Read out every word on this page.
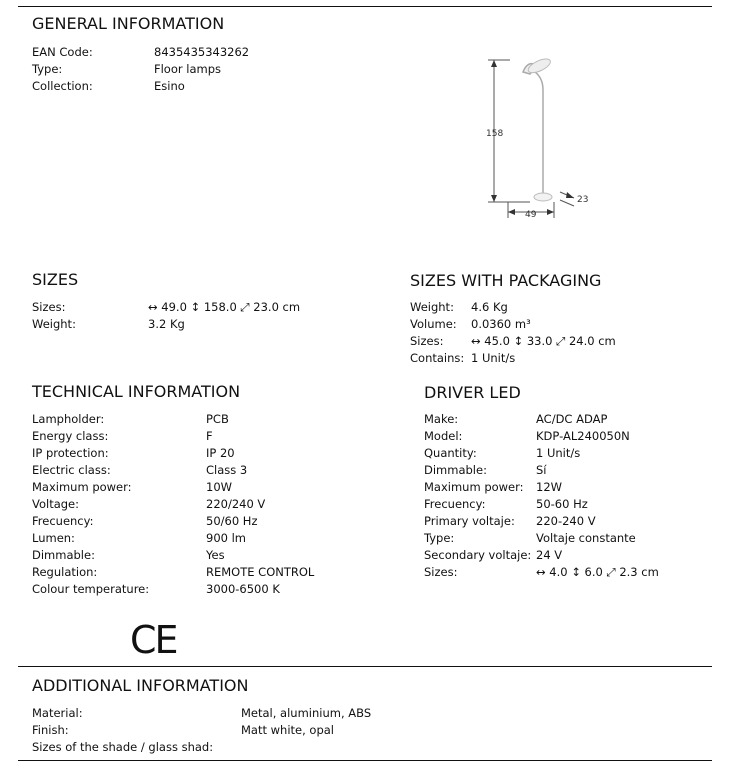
GENERAL INFORMATION
EAN Code:	8435435343262
Type:	Floor lamps
Collection:	Esino
158
49
23
SIZES
Sizes:	↔ 49.0 ↕ 158.0 ⤢ 23.0 cm
Weight:	3.2 Kg
SIZES WITH PACKAGING
Weight: 4.6 Kg
Volume: 0.0360 m³
Sizes: ↔ 45.0 ↕ 33.0 ⤢ 24.0 cm
Contains: 1 Unit/s
TECHNICAL INFORMATION
Lampholder:	PCB
Energy class:	F
IP protection:	IP 20
Electric class:	Class 3
Maximum power:	10W
Voltage:	220/240 V
Frecuency:	50/60 Hz
Lumen:	900 lm
Dimmable:	Yes
Regulation:	REMOTE CONTROL
Colour temperature:	3000-6500 K
CE
DRIVER LED
Make:	AC/DC ADAP
Model:	KDP-AL240050N
Quantity:	1 Unit/s
Dimmable:	Sí
Maximum power: 12W
Frecuency:	50-60 Hz
Primary voltaje: 220-240 V
Type:	Voltaje constante
Secondary voltaje: 24 V
Sizes:	↔ 4.0 ↕ 6.0 ⤢ 2.3 cm
ADDITIONAL INFORMATION
Material:	Metal, aluminium, ABS
Finish:	Matt white, opal
Sizes of the shade / glass shad:
